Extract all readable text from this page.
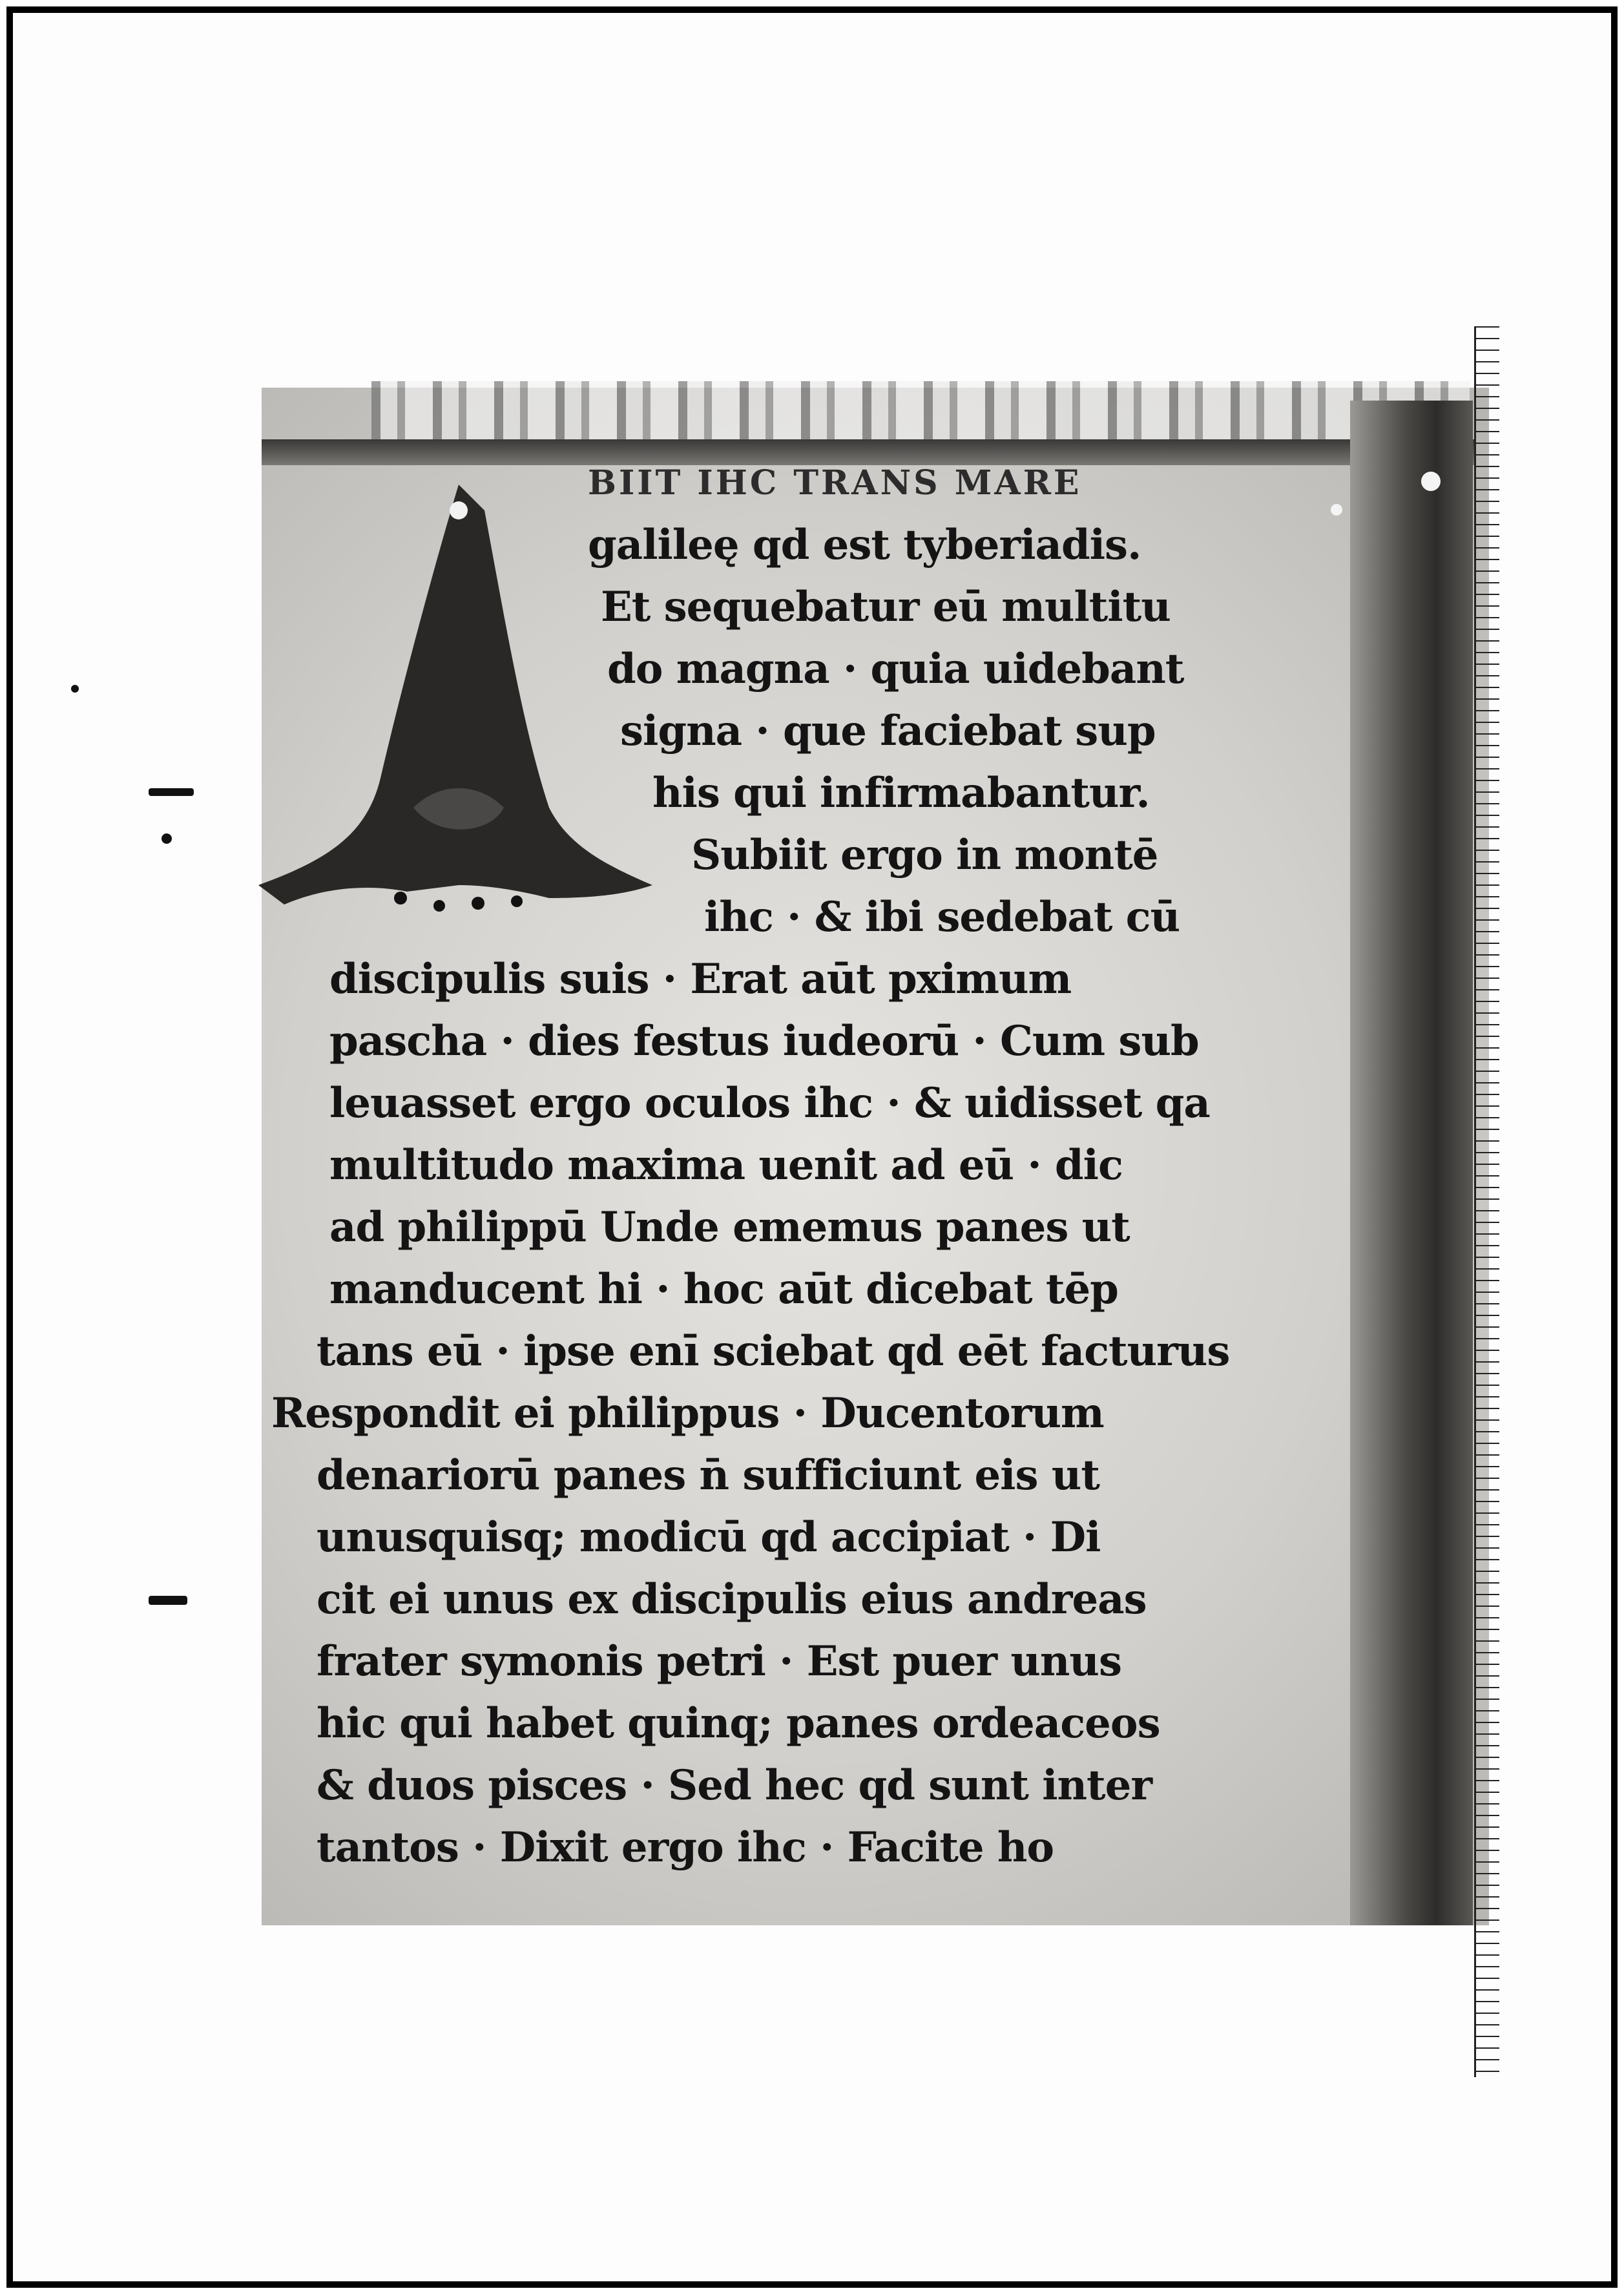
BIIT IHC TRANS MARE
galileę qd est tyberiadis.
Et sequebatur eū multitu
do magna · quia uidebant
signa · que faciebat sup
his qui infirmabantur.
Subiit ergo in montē
ihc · & ibi sedebat cū
discipulis suis · Erat aūt pximum
pascha · dies festus iudeorū · Cum sub
leuasset ergo oculos ihc · & uidisset qa
multitudo maxima uenit ad eū · dic
ad philippū Unde ememus panes ut
manducent hi · hoc aūt dicebat tēp
tans eū · ipse enī sciebat qd eēt facturus
Respondit ei philippus · Ducentorum
denariorū panes n̄ sufficiunt eis ut
unusquisq; modicū qd accipiat · Di
cit ei unus ex discipulis eius andreas
frater symonis petri · Est puer unus
hic qui habet quinq; panes ordeaceos
& duos pisces · Sed hec qd sunt inter
tantos · Dixit ergo ihc · Facite ho
